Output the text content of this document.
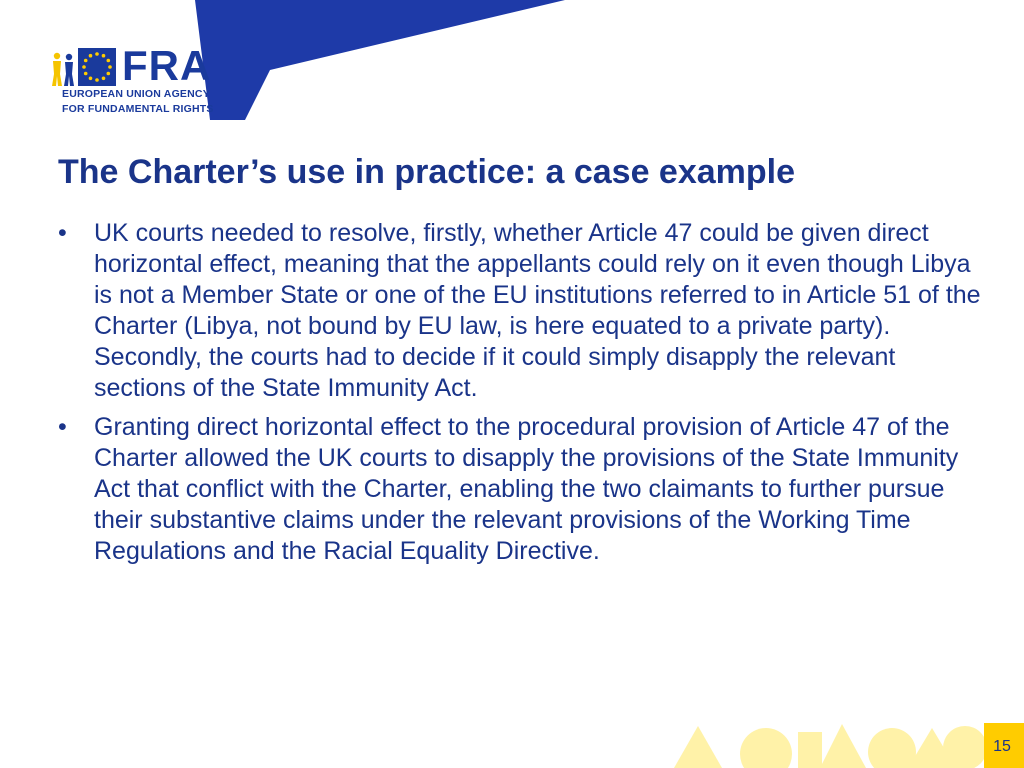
FRA
EUROPEAN UNION AGENCY
FOR FUNDAMENTAL RIGHTS
The Charter’s use in practice: a case example
• UK courts needed to resolve, firstly, whether Article 47 could be given direct horizontal effect, meaning that the appellants could rely on it even though Libya is not a Member State or one of the EU institutions referred to in Article 51 of the Charter (Libya, not bound by EU law, is here equated to a private party). Secondly, the courts had to decide if it could simply disapply the relevant sections of the State Immunity Act.
• Granting direct horizontal effect to the procedural provision of Article 47 of the Charter allowed the UK courts to disapply the provisions of the State Immunity Act that conflict with the Charter, enabling the two claimants to further pursue their substantive claims under the relevant provisions of the Working Time Regulations and the Racial Equality Directive.
15
